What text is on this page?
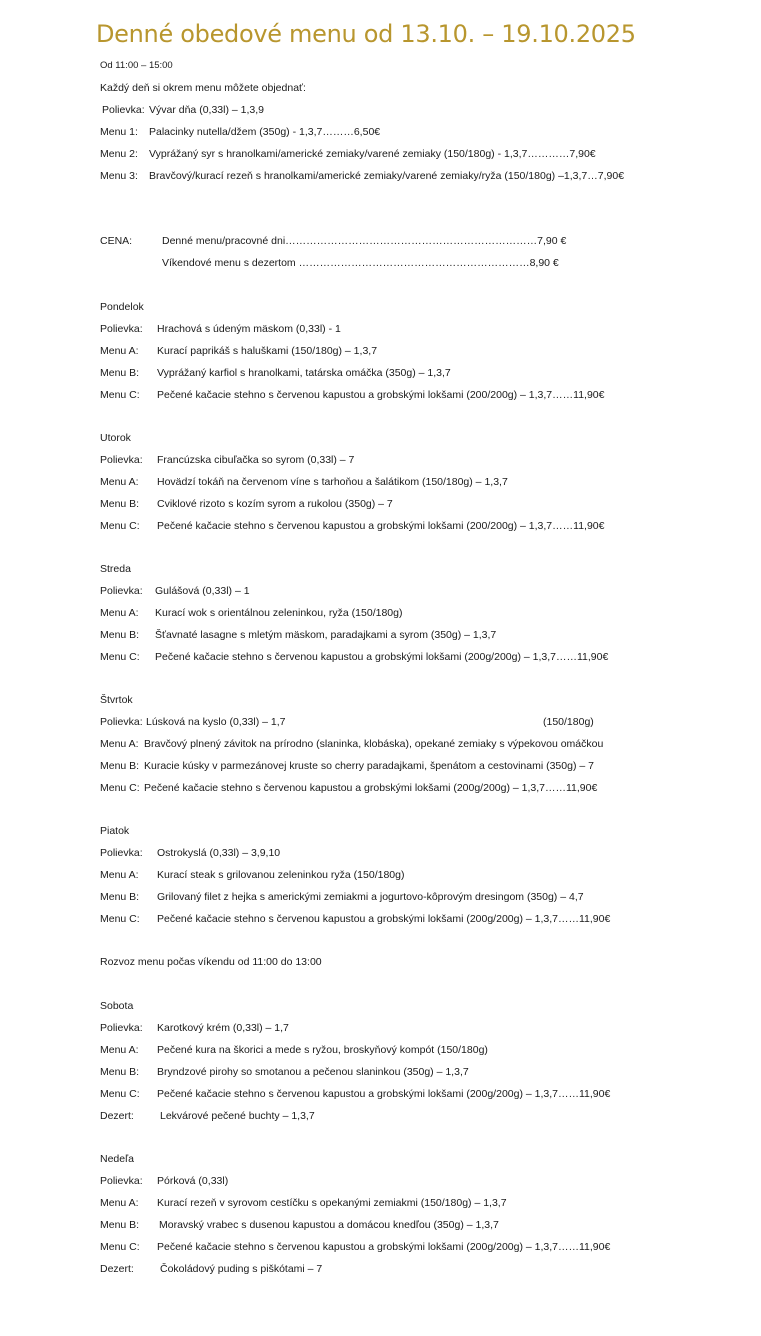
Denné obedové menu od 13.10. – 19.10.2025
Od 11:00 – 15:00
Každý deň si okrem menu môžete objednať:
Polievka: Vývar dňa (0,33l) – 1,3,9
Menu 1: Palacinky nutella/džem (350g) - 1,3,7………6,50€
Menu 2: Vyprážaný syr s hranolkami/americké zemiaky/varené zemiaky (150/180g) - 1,3,7…………7,90€
Menu 3: Bravčový/kurací rezeň s hranolkami/americké zemiaky/varené zemiaky/ryža (150/180g) –1,3,7…7,90€
CENA:	Denné menu/pracovné dni………………………………………………………………7,90 €
Víkendové menu s dezertom …………………………………………………………8,90 €
Pondelok
Polievka: Hrachová s údeným mäskom (0,33l) - 1
Menu A: Kurací paprikáš s haluškami (150/180g) – 1,3,7
Menu B: Vyprážaný karfiol s hranolkami, tatárska omáčka (350g) – 1,3,7
Menu C: Pečené kačacie stehno s červenou kapustou a grobskými lokšami (200/200g) – 1,3,7……11,90€
Utorok
Polievka: Francúzska cibuľačka so syrom (0,33l) – 7
Menu A: Hovädzí tokáň na červenom víne s tarhoňou a šalátikom (150/180g) – 1,3,7
Menu B: Cviklové rizoto s kozím syrom a rukolou (350g) – 7
Menu C: Pečené kačacie stehno s červenou kapustou a grobskými lokšami (200/200g) – 1,3,7……11,90€
Streda
Polievka: Gulášová (0,33l) – 1
Menu A: Kurací wok s orientálnou zeleninkou, ryža (150/180g)
Menu B: Šťavnaté lasagne s mletým mäskom, paradajkami a syrom (350g) – 1,3,7
Menu C: Pečené kačacie stehno s červenou kapustou a grobskými lokšami (200g/200g) – 1,3,7……11,90€
Štvrtok
Polievka: Lúsková na kyslo (0,33l) – 1,7	(150/180g)
Menu A: Bravčový plnený závitok na prírodno (slaninka, klobáska), opekané zemiaky s výpekovou omáčkou
Menu B: Kuracie kúsky v parmezánovej kruste so cherry paradajkami, špenátom a cestovinami (350g) – 7
Menu C: Pečené kačacie stehno s červenou kapustou a grobskými lokšami (200g/200g) – 1,3,7……11,90€
Piatok
Polievka: Ostrokyslá (0,33l) – 3,9,10
Menu A: Kurací steak s grilovanou zeleninkou ryža (150/180g)
Menu B: Grilovaný filet z hejka s americkými zemiakmi a jogurtovo-kôprovým dresingom (350g) – 4,7
Menu C: Pečené kačacie stehno s červenou kapustou a grobskými lokšami (200g/200g) – 1,3,7……11,90€
Rozvoz menu počas víkendu od 11:00 do 13:00
Sobota
Polievka: Karotkový krém (0,33l) – 1,7
Menu A: Pečené kura na škorici a mede s ryžou, broskyňový kompót (150/180g)
Menu B: Bryndzové pirohy so smotanou a pečenou slaninkou (350g) – 1,3,7
Menu C: Pečené kačacie stehno s červenou kapustou a grobskými lokšami (200g/200g) – 1,3,7……11,90€
Dezert: Lekvárové pečené buchty – 1,3,7
Nedeľa
Polievka: Pórková (0,33l)
Menu A: Kurací rezeň v syrovom cestíčku s opekanými zemiakmi (150/180g) – 1,3,7
Menu B: Moravský vrabec s dusenou kapustou a domácou knedľou (350g) – 1,3,7
Menu C: Pečené kačacie stehno s červenou kapustou a grobskými lokšami (200g/200g) – 1,3,7……11,90€
Dezert: Čokoládový puding s piškótami – 7
